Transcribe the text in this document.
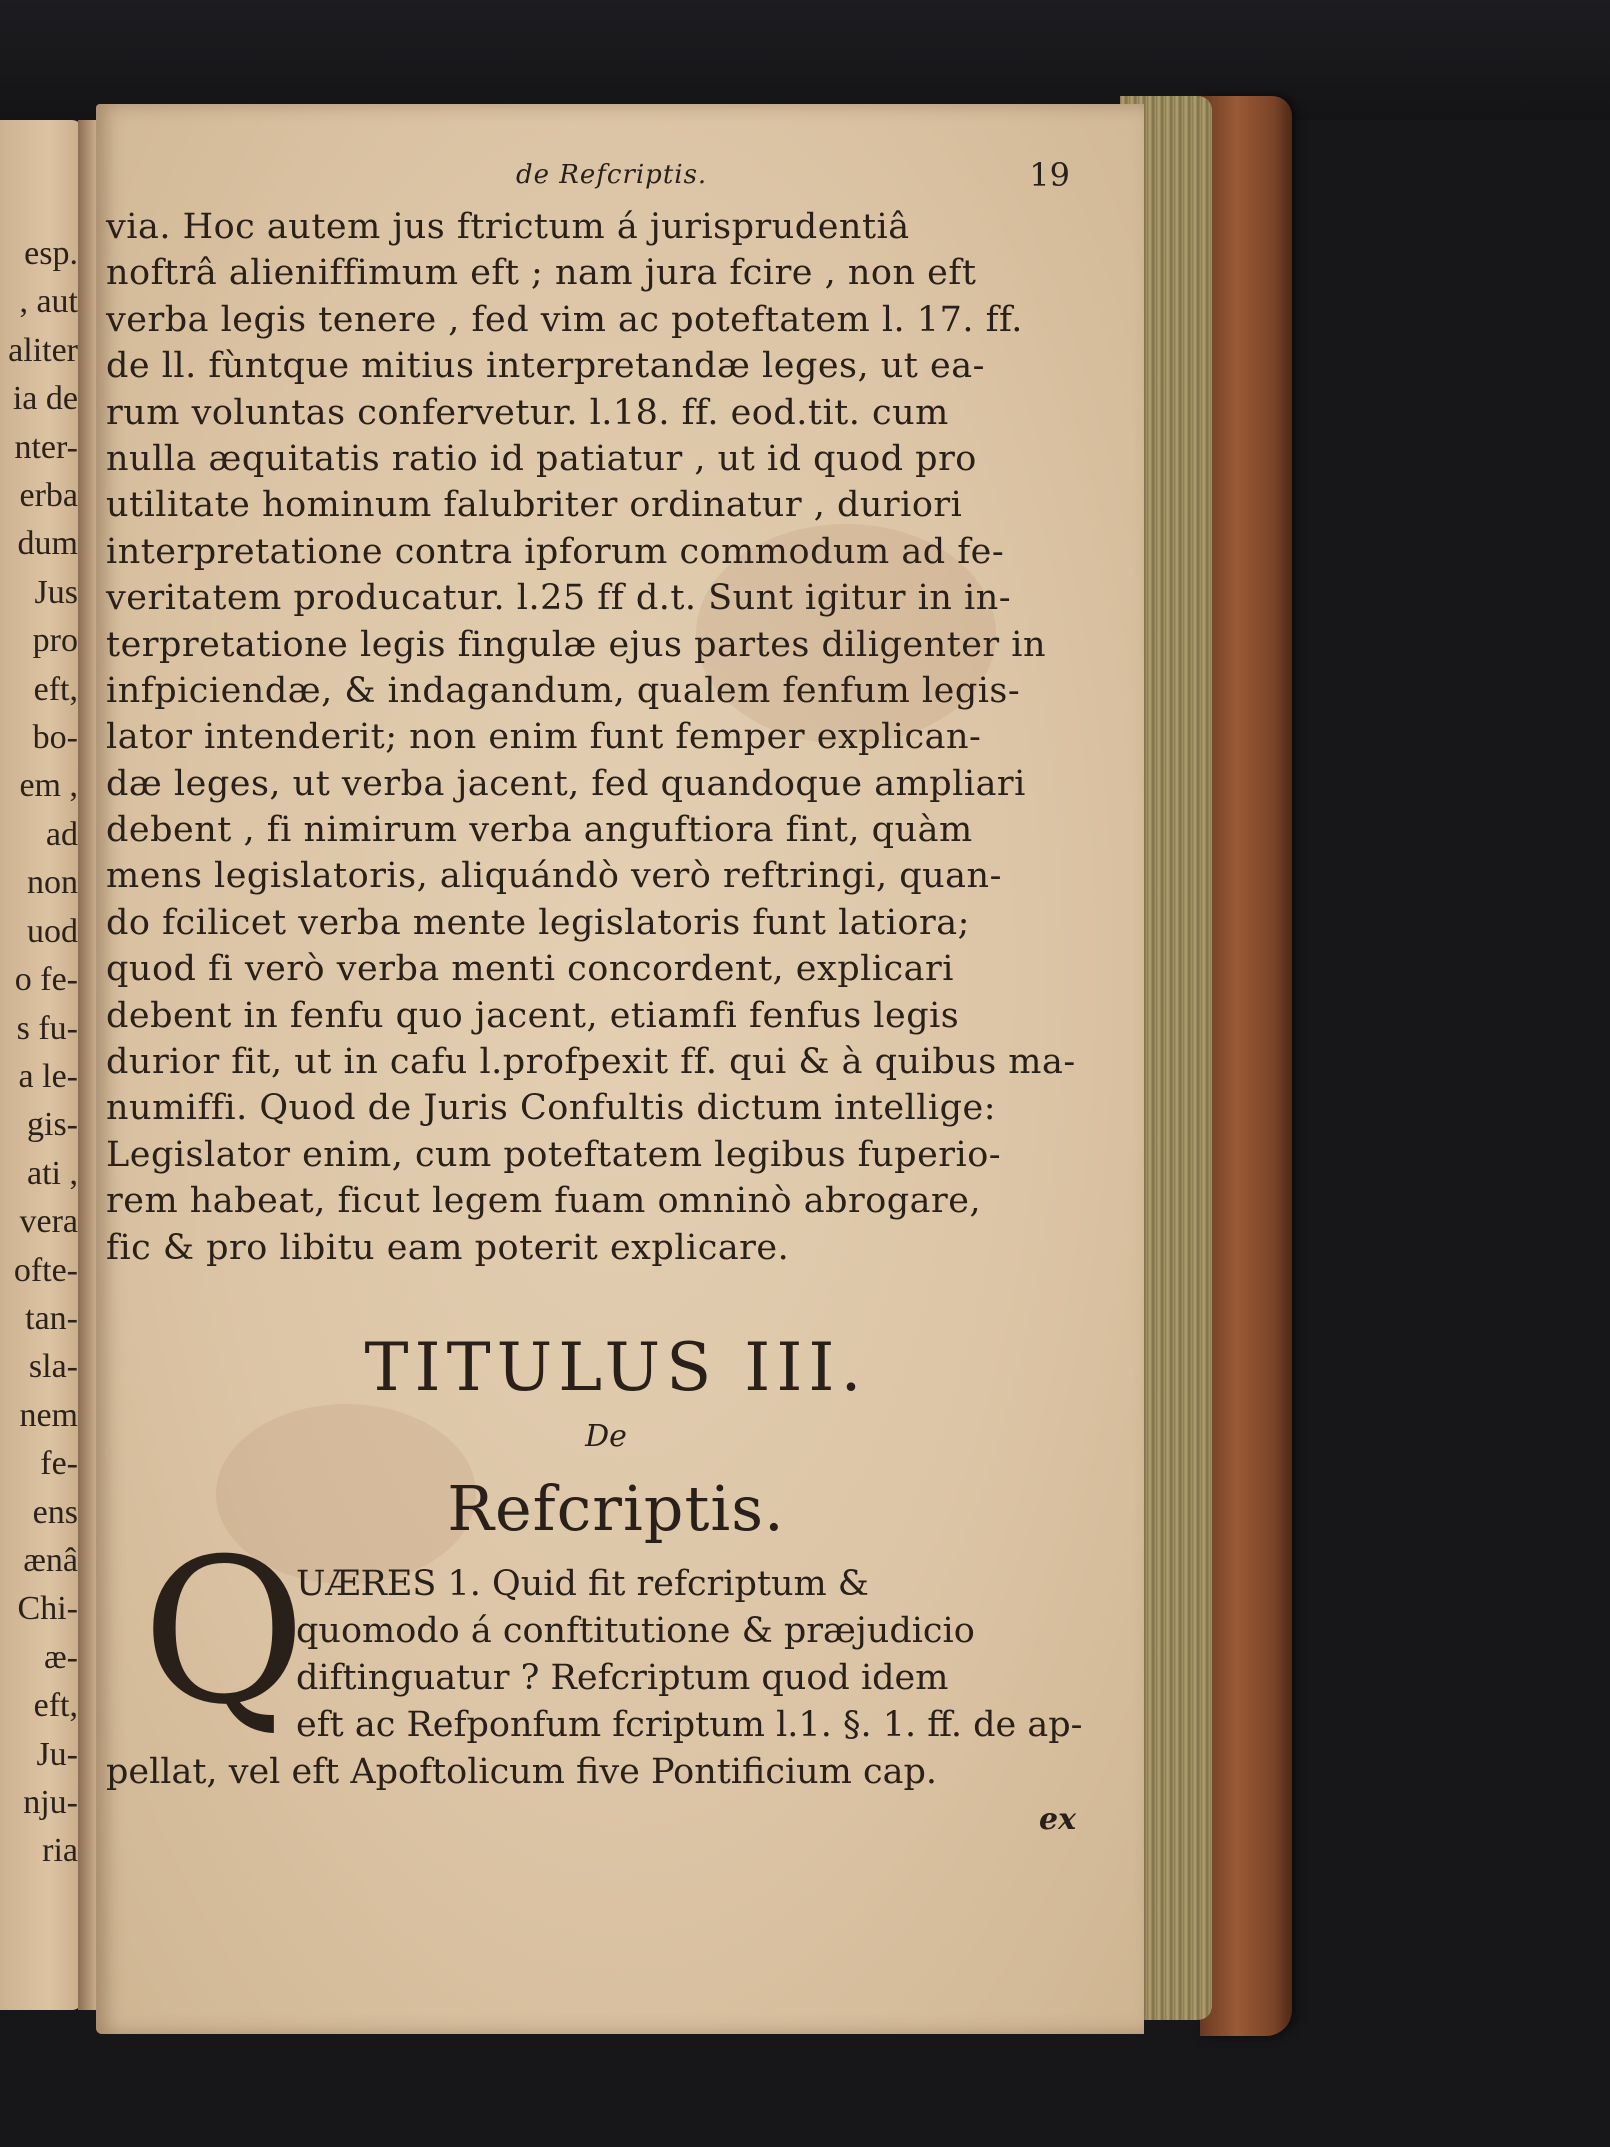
esp.
, aut
aliter
ia de
nter-
erba
dum
Jus
pro
eft,
bo-
em ,
ad
non
uod
o fe-
s fu-
a le-
gis-
ati ,
vera
ofte-
tan-
sla-
nem
fe-
ens
ænâ
Chi-
æ-
eft,
Ju-
nju-
ria
de Refcriptis.	19
via. Hoc autem jus ftrictum á jurisprudentiâ
noftrâ alieniffimum eft ; nam jura fcire , non eft
verba legis tenere , fed vim ac poteftatem l. 17. ff.
de ll. fùntque mitius interpretandæ leges, ut ea-
rum voluntas confervetur. l.18. ff. eod.tit. cum
nulla æquitatis ratio id patiatur , ut id quod pro
utilitate hominum falubriter ordinatur , duriori
interpretatione contra ipforum commodum ad fe-
veritatem producatur. l.25 ff d.t. Sunt igitur in in-
terpretatione legis fingulæ ejus partes diligenter in
infpiciendæ, & indagandum, qualem fenfum legis-
lator intenderit; non enim funt femper explican-
dæ leges, ut verba jacent, fed quandoque ampliari
debent , fi nimirum verba anguftiora fint, quàm
mens legislatoris, aliquándò verò reftringi, quan-
do fcilicet verba mente legislatoris funt latiora;
quod fi verò verba menti concordent, explicari
debent in fenfu quo jacent, etiamfi fenfus legis
durior fit, ut in cafu l.profpexit ff. qui & à quibus ma-
numiffi. Quod de Juris Confultis dictum intellige:
Legislator enim, cum poteftatem legibus fuperio-
rem habeat, ficut legem fuam omninò abrogare,
fic & pro libitu eam poterit explicare.
TITULUS III.
De
Refcriptis.
Q
UÆRES 1. Quid fit refcriptum &
quomodo á conftitutione & præjudicio
diftinguatur ? Refcriptum quod idem
eft ac Refponfum fcriptum l.1. §. 1. ff. de ap-
pellat, vel eft Apoftolicum five Pontificium cap.
ex
